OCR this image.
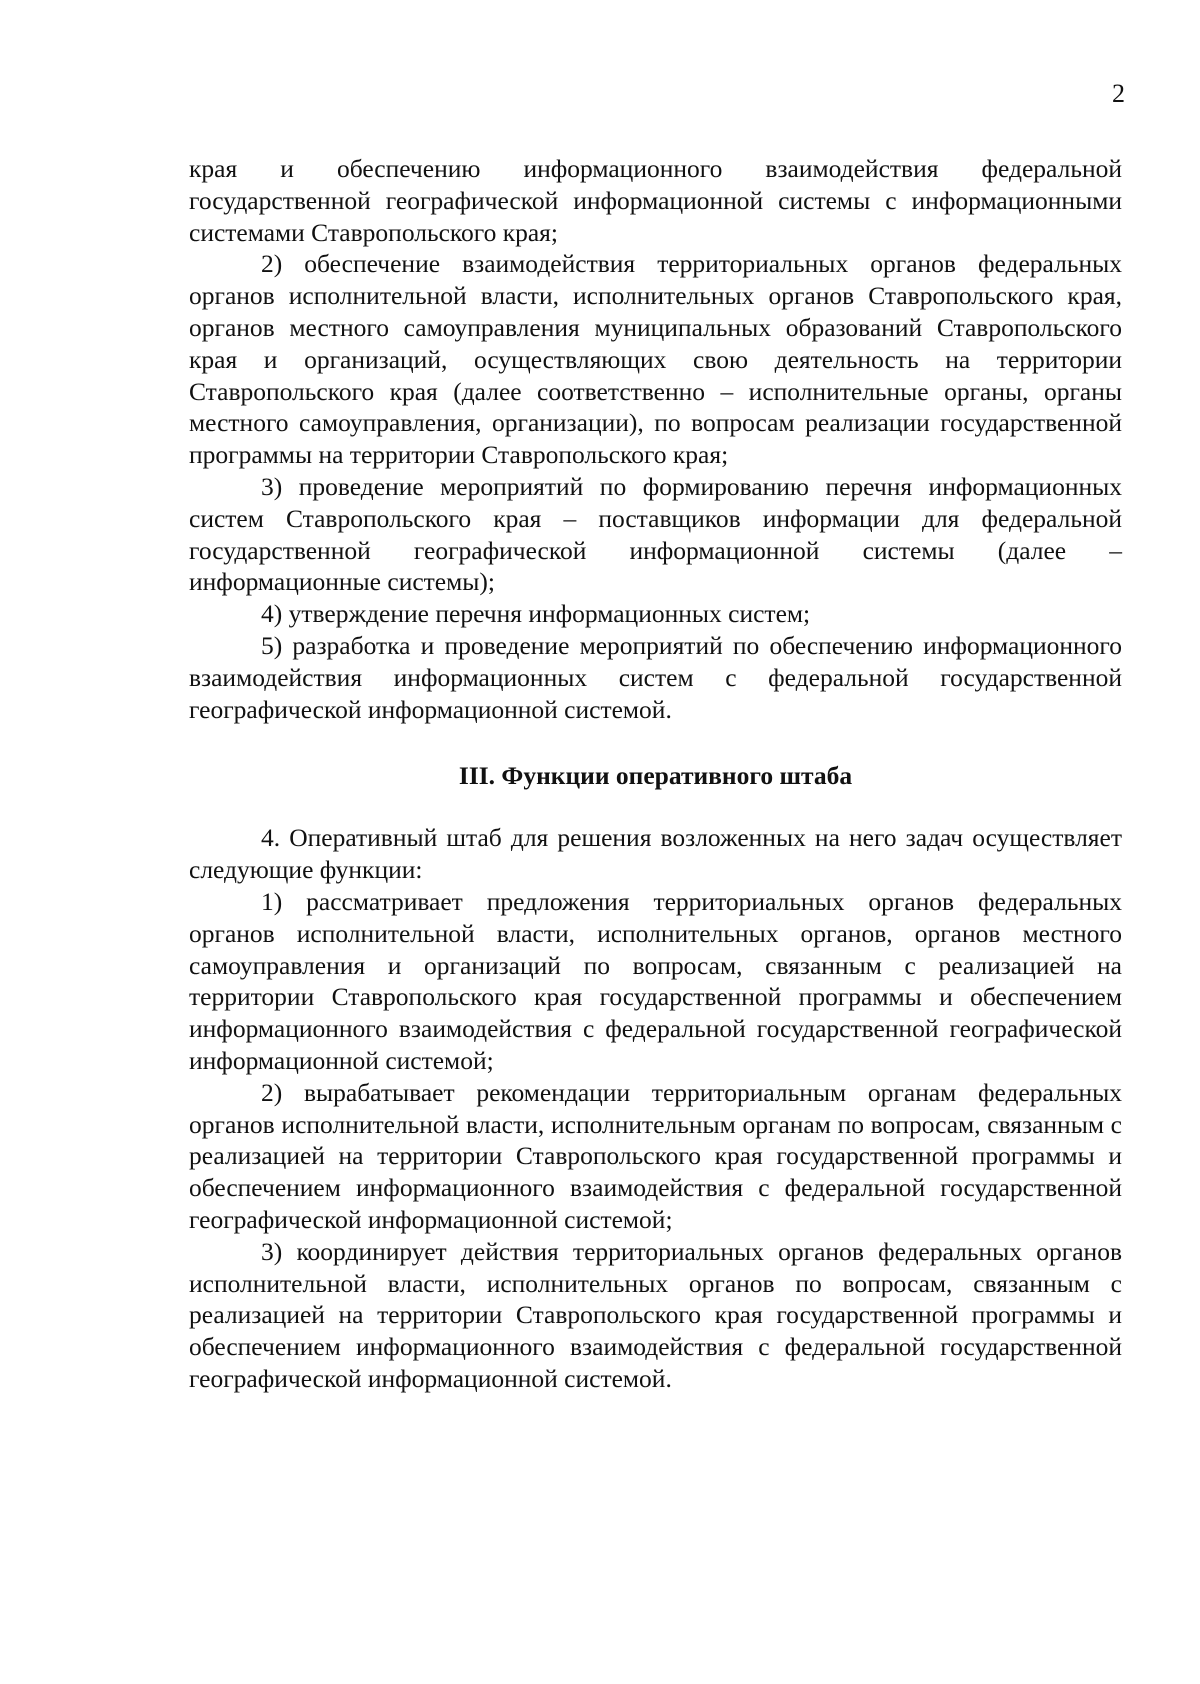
2

края и обеспечению информационного взаимодействия федеральной государственной географической информационной системы с информационными системами Ставропольского края;

2) обеспечение взаимодействия территориальных органов федеральных органов исполнительной власти, исполнительных органов Ставропольского края, органов местного самоуправления муниципальных образований Ставропольского края и организаций, осуществляющих свою деятельность на территории Ставропольского края (далее соответственно – исполнительные органы, органы местного самоуправления, организации), по вопросам реализации государственной программы на территории Ставропольского края;

3) проведение мероприятий по формированию перечня информационных систем Ставропольского края – поставщиков информации для федеральной государственной географической информационной системы (далее – информационные системы);

4) утверждение перечня информационных систем;

5) разработка и проведение мероприятий по обеспечению информационного взаимодействия информационных систем с федеральной государственной географической информационной системой.

III. Функции оперативного штаба

4. Оперативный штаб для решения возложенных на него задач осуществляет следующие функции:

1) рассматривает предложения территориальных органов федеральных органов исполнительной власти, исполнительных органов, органов местного самоуправления и организаций по вопросам, связанным с реализацией на территории Ставропольского края государственной программы и обеспечением информационного взаимодействия с федеральной государственной географической информационной системой;

2) вырабатывает рекомендации территориальным органам федеральных органов исполнительной власти, исполнительным органам по вопросам, связанным с реализацией на территории Ставропольского края государственной программы и обеспечением информационного взаимодействия с федеральной государственной географической информационной системой;

3) координирует действия территориальных органов федеральных органов исполнительной власти, исполнительных органов по вопросам, связанным с реализацией на территории Ставропольского края государственной программы и обеспечением информационного взаимодействия с федеральной государственной географической информационной системой.
